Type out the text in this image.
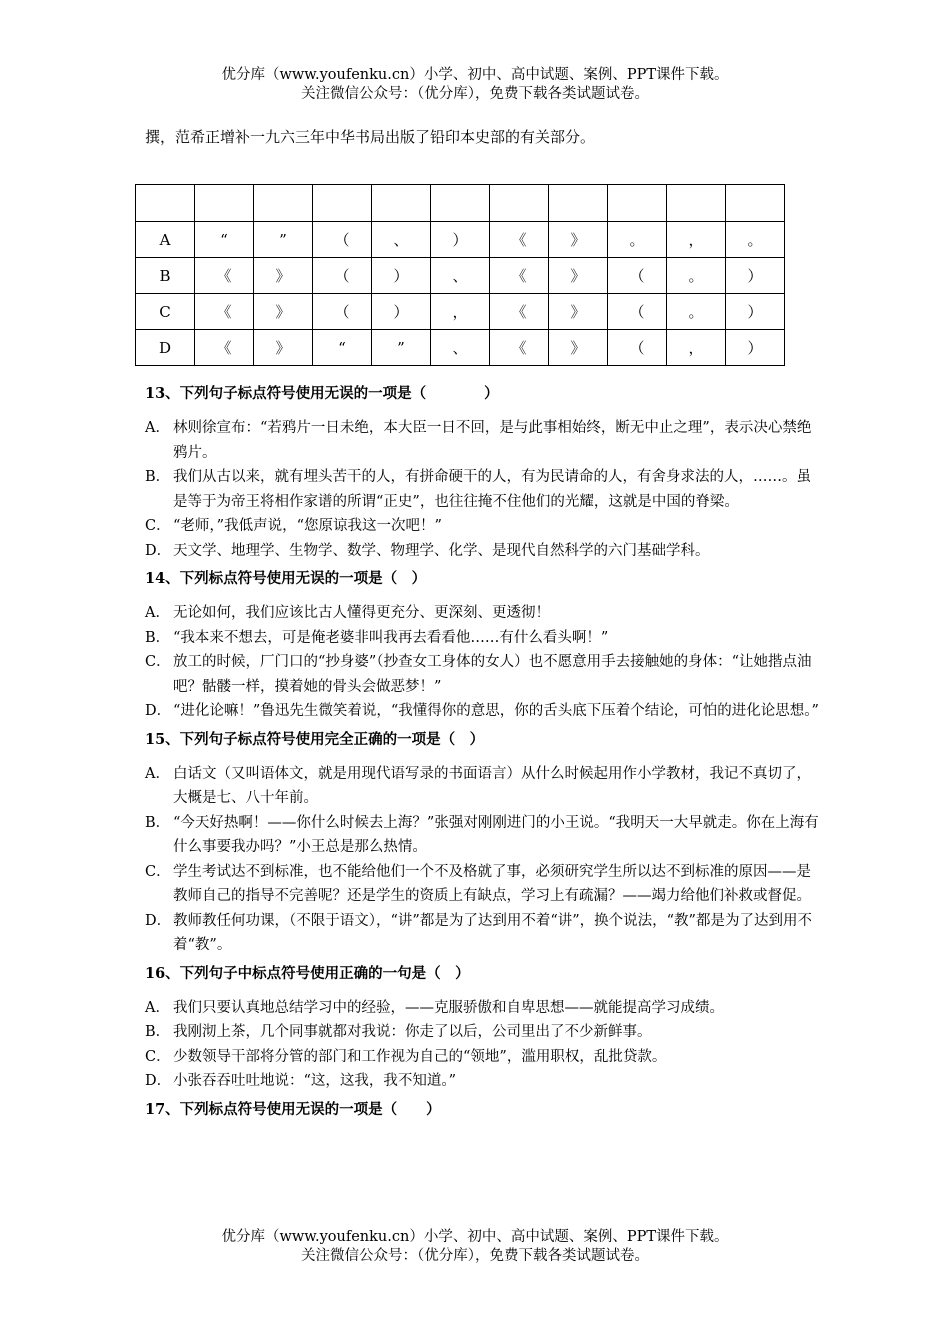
优分库（www.youfenku.cn）小学、初中、高中试题、案例、PPT课件下载。
关注微信公众号：（优分库），免费下载各类试题试卷。
撰，范希正增补一九六三年中华书局出版了铅印本史部的有关部分。

A	“	”	（	、	）	《	》	。	，	。
B	《	》	（	）	、	《	》	（	。	）
C	《	》	（	）	，	《	》	（	。	）
D	《	》	“	”	、	《	》	（	，	）
13、下列句子标点符号使用无误的一项是（　　　　）
A． 林则徐宣布：“若鸦片一日未绝，本大臣一日不回，是与此事相始终，断无中止之理”，表示决心禁绝鸦片。
B． 我们从古以来，就有埋头苦干的人，有拼命硬干的人，有为民请命的人，有舍身求法的人，……。虽是等于为帝王将相作家谱的所谓“正史”，也往往掩不住他们的光耀，这就是中国的脊梁。
C． “老师，”我低声说，“您原谅我这一次吧！”
D． 天文学、地理学、生物学、数学、物理学、化学、是现代自然科学的六门基础学科。
14、下列标点符号使用无误的一项是（　）
A． 无论如何，我们应该比古人懂得更充分、更深刻、更透彻！
B． “我本来不想去，可是俺老婆非叫我再去看看他……有什么看头啊！”
C． 放工的时候，厂门口的“抄身婆”（抄查女工身体的女人）也不愿意用手去接触她的身体：“让她揩点油吧？骷髅一样，摸着她的骨头会做恶梦！”
D． “进化论嘛！”鲁迅先生微笑着说，“我懂得你的意思，你的舌头底下压着个结论，可怕的进化论思想。”
15、下列句子标点符号使用完全正确的一项是（　）
A． 白话文（又叫语体文，就是用现代语写录的书面语言）从什么时候起用作小学教材，我记不真切了，大概是七、八十年前。
B． “今天好热啊！——你什么时候去上海？”张强对刚刚进门的小王说。“我明天一大早就走。你在上海有什么事要我办吗？”小王总是那么热情。
C． 学生考试达不到标准，也不能给他们一个不及格就了事，必须研究学生所以达不到标准的原因——是教师自己的指导不完善呢？还是学生的资质上有缺点，学习上有疏漏？——竭力给他们补救或督促。
D． 教师教任何功课，（不限于语文），“讲”都是为了达到用不着“讲”，换个说法，“教”都是为了达到用不着“教”。
16、下列句子中标点符号使用正确的一句是（　）
A． 我们只要认真地总结学习中的经验，——克服骄傲和自卑思想——就能提高学习成绩。
B． 我刚沏上茶，几个同事就都对我说：你走了以后，公司里出了不少新鲜事。
C． 少数领导干部将分管的部门和工作视为自己的“领地”，滥用职权，乱批贷款。
D． 小张吞吞吐吐地说：“这，这我，我不知道。”
17、下列标点符号使用无误的一项是（　　）
优分库（www.youfenku.cn）小学、初中、高中试题、案例、PPT课件下载。
关注微信公众号：（优分库），免费下载各类试题试卷。
